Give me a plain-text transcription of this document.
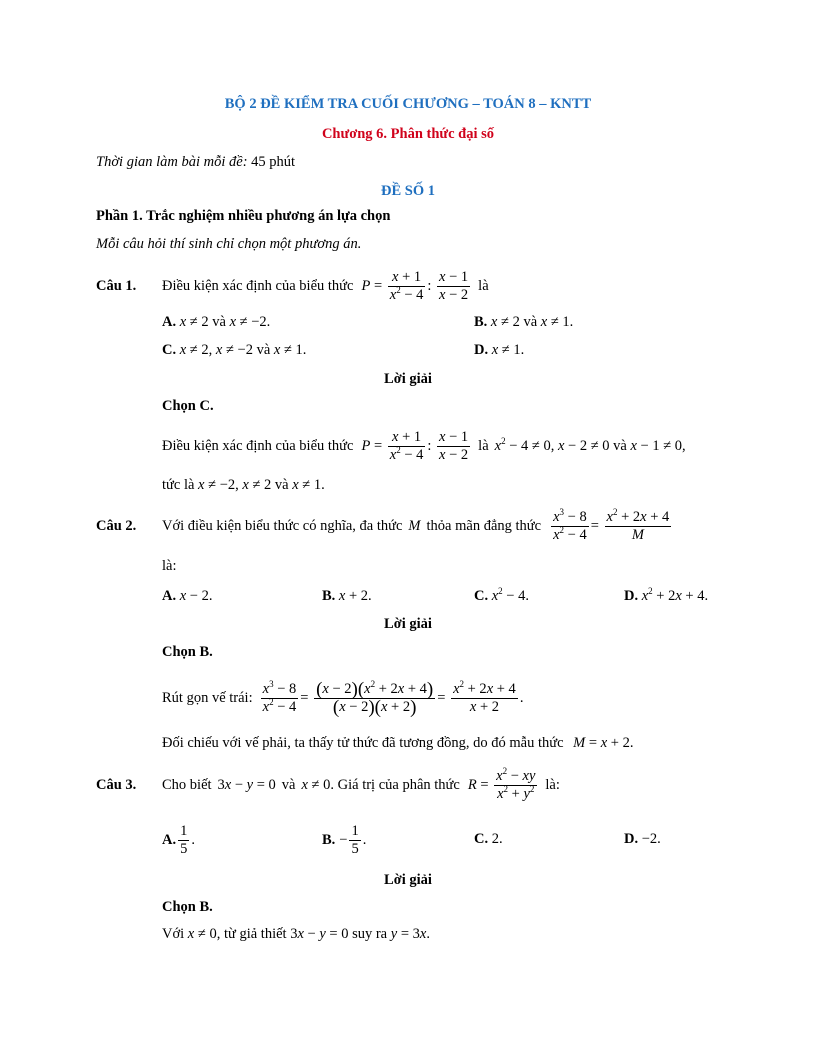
BỘ 2 ĐỀ KIỂM TRA CUỐI CHƯƠNG – TOÁN 8 – KNTT
Chương 6. Phân thức đại số
Thời gian làm bài mỗi đề: 45 phút
ĐỀ SỐ 1
Phần 1. Trắc nghiệm nhiều phương án lựa chọn
Mỗi câu hỏi thí sinh chỉ chọn một phương án.
Câu 1.	Điều kiện xác định của biểu thức $P = \frac{x + 1}{x^2 - 4}$ : $\frac{x - 1}{x - 2}$ là
A. x ≠ 2 và x ≠ −2.	B. x ≠ 2 và x ≠ 1.
C. x ≠ 2, x ≠ −2 và x ≠ 1.	D. x ≠ 1.
Lời giải
Chọn C.
Điều kiện xác định của biểu thức $P = \frac{x + 1}{x^2 - 4}$ : $\frac{x - 1}{x - 2}$ là $x^2 - 4 \ne 0$, x − 2 ≠ 0 và x − 1 ≠ 0,
tức là x ≠ −2, x ≠ 2 và x ≠ 1.
Câu 2.	Với điều kiện biểu thức có nghĩa, đa thức M thỏa mãn đẳng thức $\frac{x^3 - 8}{x^2 - 4} = \frac{x^2 + 2x + 4}{M}$
là:
A. x − 2.	B. x + 2.	C. $x^2 - 4$.	D. $x^2 + 2x + 4$.
Lời giải
Chọn B.
Rút gọn vế trái: $\frac{x^3 - 8}{x^2 - 4} = \frac{(x - 2)(x^2 + 2x + 4)}{(x - 2)(x + 2)} = \frac{x^2 + 2x + 4}{x + 2}$ .
Đối chiếu với vế phải, ta thấy tử thức đã tương đồng, do đó mẫu thức M = x + 2.
Câu 3.	Cho biết 3x − y = 0 và x ≠ 0 . Giá trị của phân thức $R = \frac{x^2 - xy}{x^2 + y^2}$ là:
A. $\frac{1}{5}$ .	B. − $\frac{1}{5}$ .	C. 2.	D. −2.
Lời giải
Chọn B.
Với x ≠ 0, từ giả thiết 3x − y = 0 suy ra y = 3x.
